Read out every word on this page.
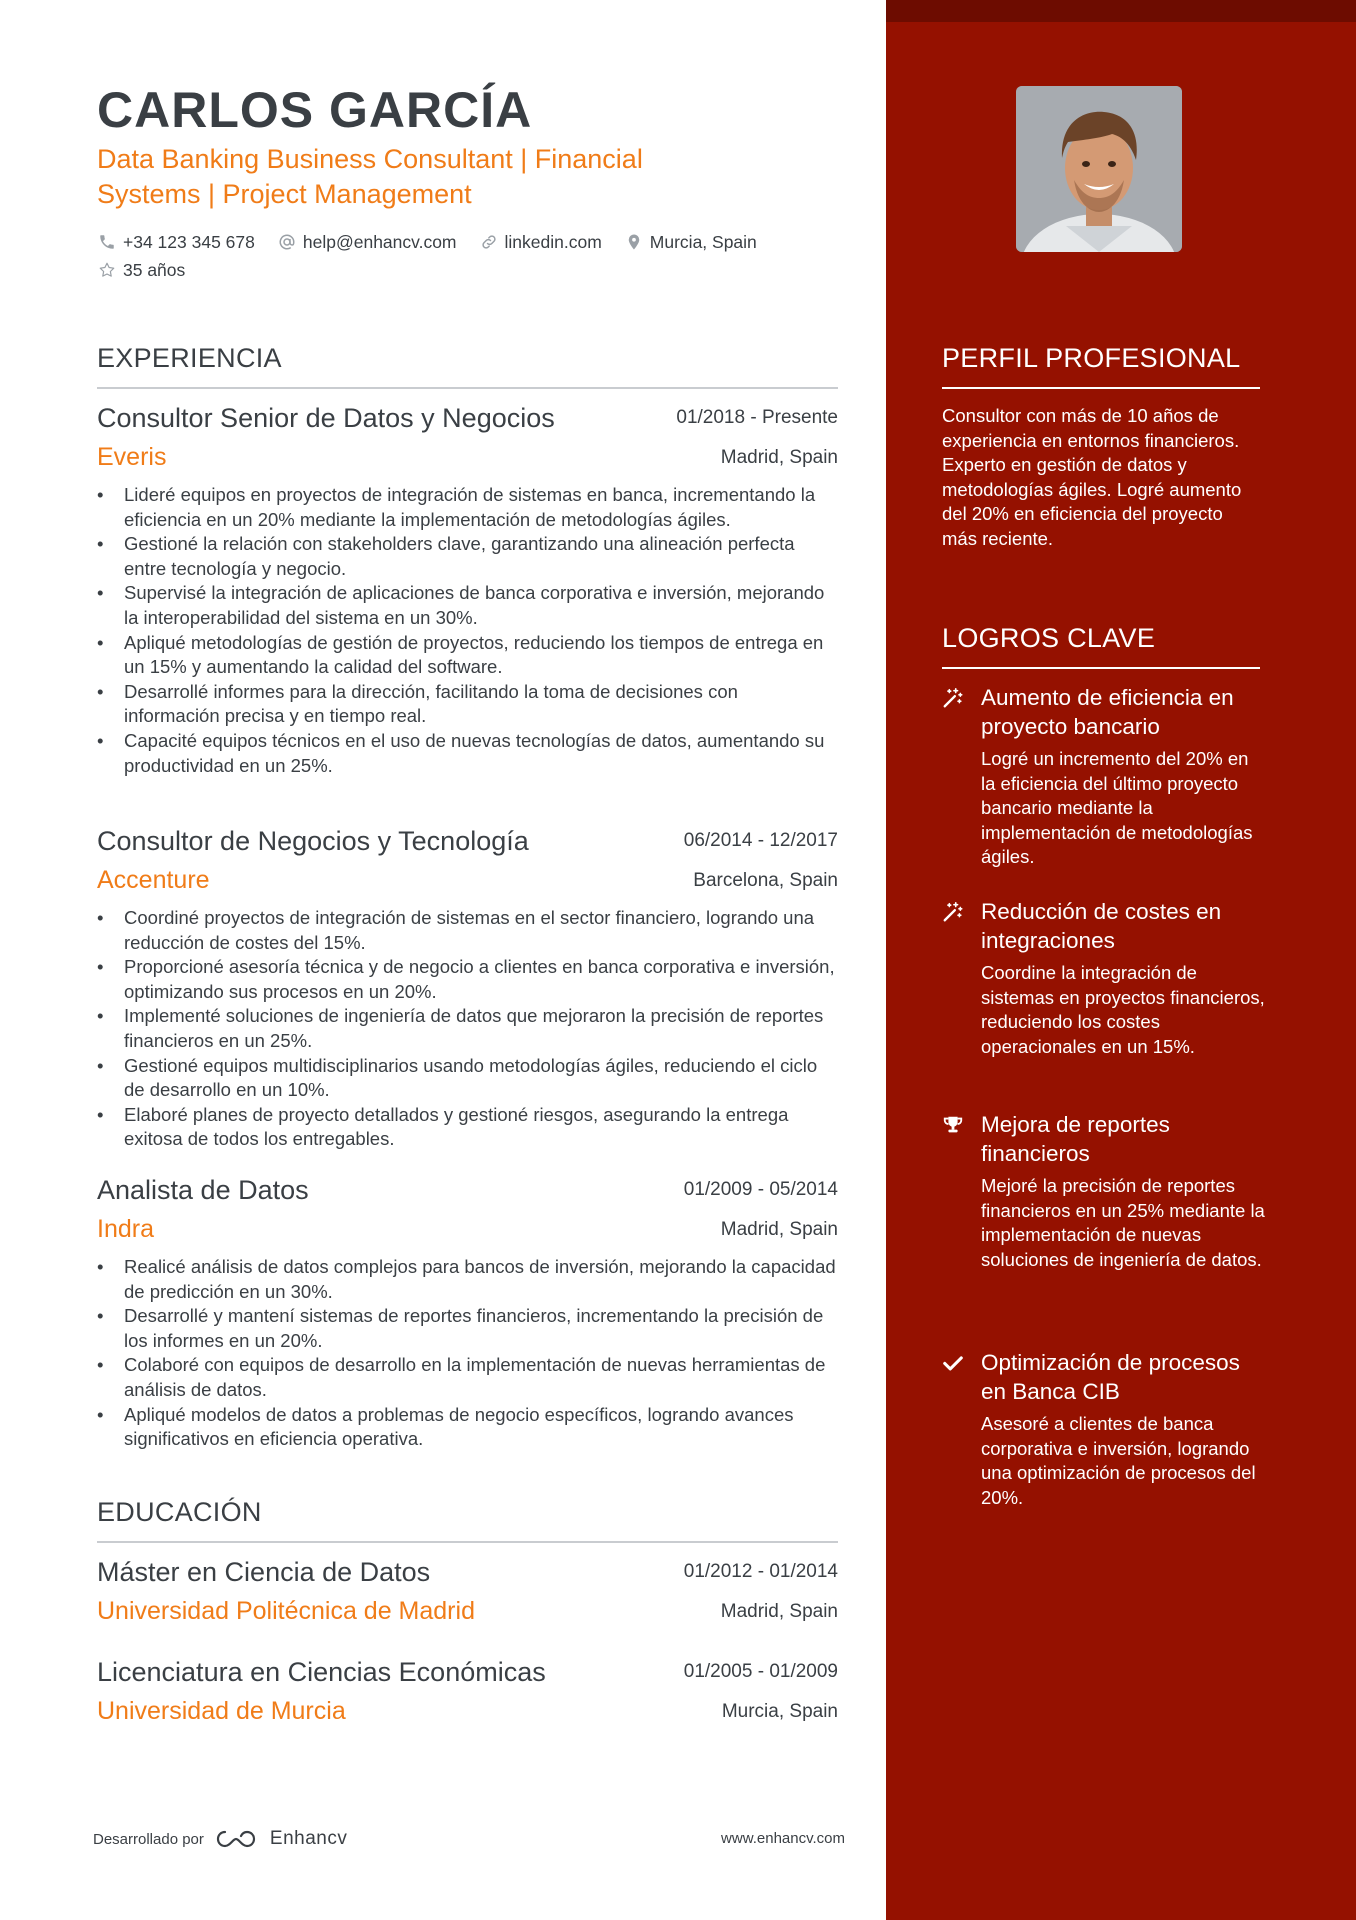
CARLOS GARCÍA
Data Banking Business Consultant | Financial
Systems | Project Management
+34 123 345 678	help@enhancv.com	linkedin.com	Murcia, Spain
35 años
EXPERIENCIA
Consultor Senior de Datos y Negocios	01/2018 - Presente
Everis	Madrid, Spain
• Lideré equipos en proyectos de integración de sistemas en banca, incrementando la eficiencia en un 20% mediante la implementación de metodologías ágiles.
• Gestioné la relación con stakeholders clave, garantizando una alineación perfecta entre tecnología y negocio.
• Supervisé la integración de aplicaciones de banca corporativa e inversión, mejorando la interoperabilidad del sistema en un 30%.
• Apliqué metodologías de gestión de proyectos, reduciendo los tiempos de entrega en un 15% y aumentando la calidad del software.
• Desarrollé informes para la dirección, facilitando la toma de decisiones con información precisa y en tiempo real.
• Capacité equipos técnicos en el uso de nuevas tecnologías de datos, aumentando su productividad en un 25%.
Consultor de Negocios y Tecnología	06/2014 - 12/2017
Accenture	Barcelona, Spain
• Coordiné proyectos de integración de sistemas en el sector financiero, logrando una reducción de costes del 15%.
• Proporcioné asesoría técnica y de negocio a clientes en banca corporativa e inversión, optimizando sus procesos en un 20%.
• Implementé soluciones de ingeniería de datos que mejoraron la precisión de reportes financieros en un 25%.
• Gestioné equipos multidisciplinarios usando metodologías ágiles, reduciendo el ciclo de desarrollo en un 10%.
• Elaboré planes de proyecto detallados y gestioné riesgos, asegurando la entrega exitosa de todos los entregables.
Analista de Datos	01/2009 - 05/2014
Indra	Madrid, Spain
• Realicé análisis de datos complejos para bancos de inversión, mejorando la capacidad de predicción en un 30%.
• Desarrollé y mantení sistemas de reportes financieros, incrementando la precisión de los informes en un 20%.
• Colaboré con equipos de desarrollo en la implementación de nuevas herramientas de análisis de datos.
• Apliqué modelos de datos a problemas de negocio específicos, logrando avances significativos en eficiencia operativa.
EDUCACIÓN
Máster en Ciencia de Datos	01/2012 - 01/2014
Universidad Politécnica de Madrid	Madrid, Spain
Licenciatura en Ciencias Económicas	01/2005 - 01/2009
Universidad de Murcia	Murcia, Spain
Desarrollado por	Enhancv	www.enhancv.com
PERFIL PROFESIONAL
Consultor con más de 10 años de experiencia en entornos financieros. Experto en gestión de datos y metodologías ágiles. Logré aumento del 20% en eficiencia del proyecto más reciente.
LOGROS CLAVE
Aumento de eficiencia en proyecto bancario
Logré un incremento del 20% en la eficiencia del último proyecto bancario mediante la implementación de metodologías ágiles.
Reducción de costes en integraciones
Coordine la integración de sistemas en proyectos financieros, reduciendo los costes operacionales en un 15%.
Mejora de reportes financieros
Mejoré la precisión de reportes financieros en un 25% mediante la implementación de nuevas soluciones de ingeniería de datos.
Optimización de procesos en Banca CIB
Asesoré a clientes de banca corporativa e inversión, logrando una optimización de procesos del 20%.
